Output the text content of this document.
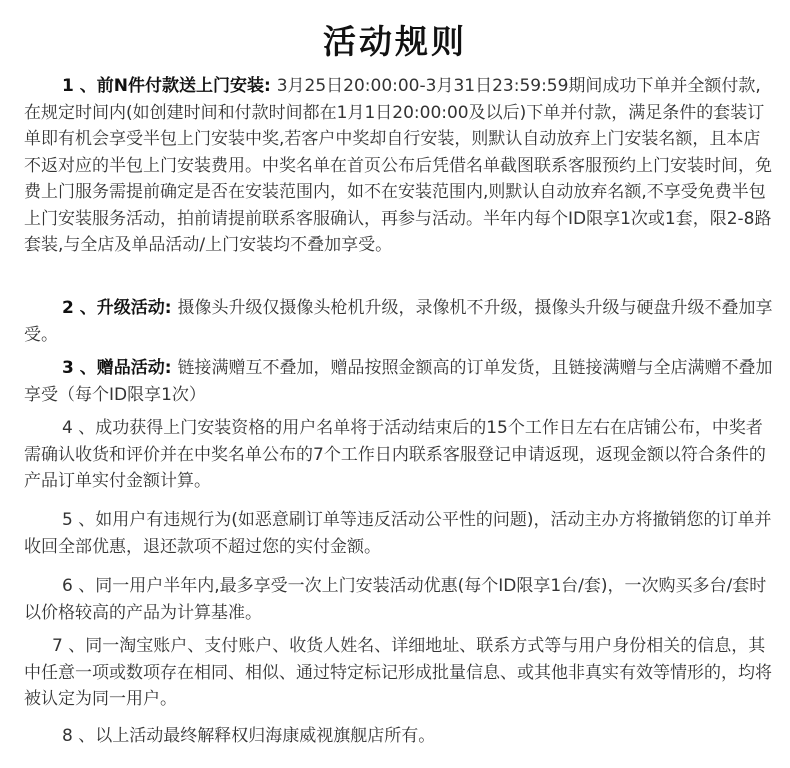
活动规则

1 、前N件付款送上门安装: 3月25日20:00:00-3月31日23:59:59期间成功下单并全额付款,在规定时间内(如创建时间和付款时间都在1月1日20:00:00及以后)下单并付款，满足条件的套装订单即有机会享受半包上门安装中奖,若客户中奖却自行安装，则默认自动放弃上门安装名额，且本店不返对应的半包上门安装费用。中奖名单在首页公布后凭借名单截图联系客服预约上门安装时间，免费上门服务需提前确定是否在安装范围内，如不在安装范围内,则默认自动放弃名额,不享受免费半包上门安装服务活动，拍前请提前联系客服确认，再参与活动。半年内每个ID限享1次或1套，限2-8路套装,与全店及单品活动/上门安装均不叠加享受。

2 、升级活动: 摄像头升级仅摄像头枪机升级，录像机不升级，摄像头升级与硬盘升级不叠加享受。

3 、赠品活动: 链接满赠互不叠加，赠品按照金额高的订单发货，且链接满赠与全店满赠不叠加享受（每个ID限享1次）

4 、成功获得上门安装资格的用户名单将于活动结束后的15个工作日左右在店铺公布，中奖者需确认收货和评价并在中奖名单公布的7个工作日内联系客服登记申请返现，返现金额以符合条件的产品订单实付金额计算。

5 、如用户有违规行为(如恶意刷订单等违反活动公平性的问题)，活动主办方将撤销您的订单并收回全部优惠，退还款项不超过您的实付金额。

6 、同一用户半年内,最多享受一次上门安装活动优惠(每个ID限享1台/套)，一次购买多台/套时以价格较高的产品为计算基准。

7 、同一淘宝账户、支付账户、收货人姓名、详细地址、联系方式等与用户身份相关的信息，其中任意一项或数项存在相同、相似、通过特定标记形成批量信息、或其他非真实有效等情形的，均将被认定为同一用户。

8 、以上活动最终解释权归海康威视旗舰店所有。
